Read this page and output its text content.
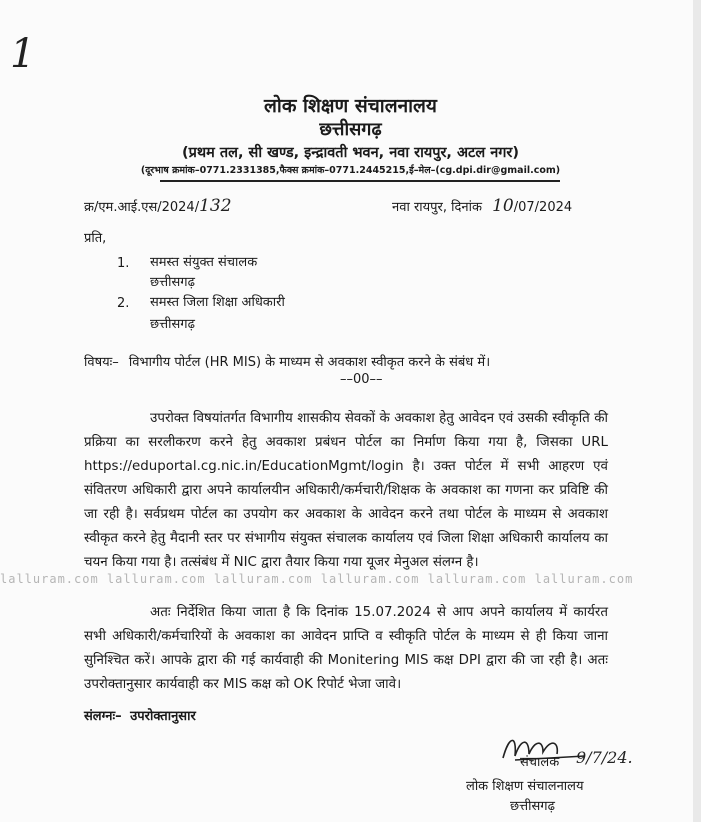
1
लोक शिक्षण संचालनालय
छत्तीसगढ़
(प्रथम तल, सी खण्ड, इन्द्रावती भवन, नवा रायपुर, अटल नगर)
(दूरभाष क्रमांक–0771.2331385,फैक्स क्रमांक–0771.2445215,ई–मेल–(cg.dpi.dir@gmail.com)
क्र/एम.आई.एस/2024/132	नवा रायपुर, दिनांक 10/07/2024
प्रति,
1. समस्त संयुक्त संचालक
छत्तीसगढ़
2. समस्त जिला शिक्षा अधिकारी
छत्तीसगढ़
विषयः– विभागीय पोर्टल (HR MIS) के माध्यम से अवकाश स्वीकृत करने के संबंध में।
––00––

उपरोक्त विषयांतर्गत विभागीय शासकीय सेवकों के अवकाश हेतु आवेदन एवं उसकी स्वीकृति की प्रक्रिया का सरलीकरण करने हेतु अवकाश प्रबंधन पोर्टल का निर्माण किया गया है, जिसका URL https://eduportal.cg.nic.in/EducationMgmt/login है। उक्त पोर्टल में सभी आहरण एवं संवितरण अधिकारी द्वारा अपने कार्यालयीन अधिकारी/कर्मचारी/शिक्षक के अवकाश का गणना कर प्रविष्टि की जा रही है। सर्वप्रथम पोर्टल का उपयोग कर अवकाश के आवेदन करने तथा पोर्टल के माध्यम से अवकाश स्वीकृत करने हेतु मैदानी स्तर पर संभागीय संयुक्त संचालक कार्यालय एवं जिला शिक्षा अधिकारी कार्यालय का चयन किया गया है। तत्संबंध में NIC द्वारा तैयार किया गया यूजर मेनुअल संलग्न है।

lalluram.com lalluram.com lalluram.com lalluram.com lalluram.com lalluram.com

अतः निर्देशित किया जाता है कि दिनांक 15.07.2024 से आप अपने कार्यालय में कार्यरत सभी अधिकारी/कर्मचारियों के अवकाश का आवेदन प्राप्ति व स्वीकृति पोर्टल के माध्यम से ही किया जाना सुनिश्चित करें। आपके द्वारा की गई कार्यवाही की Monitering MIS कक्ष DPI द्वारा की जा रही है। अतः उपरोक्तानुसार कार्यवाही कर MIS कक्ष को OK रिपोर्ट भेजा जावे।

संलग्नः– उपरोक्तानुसार
संचालक 9/7/24.
लोक शिक्षण संचालनालय
छत्तीसगढ़
